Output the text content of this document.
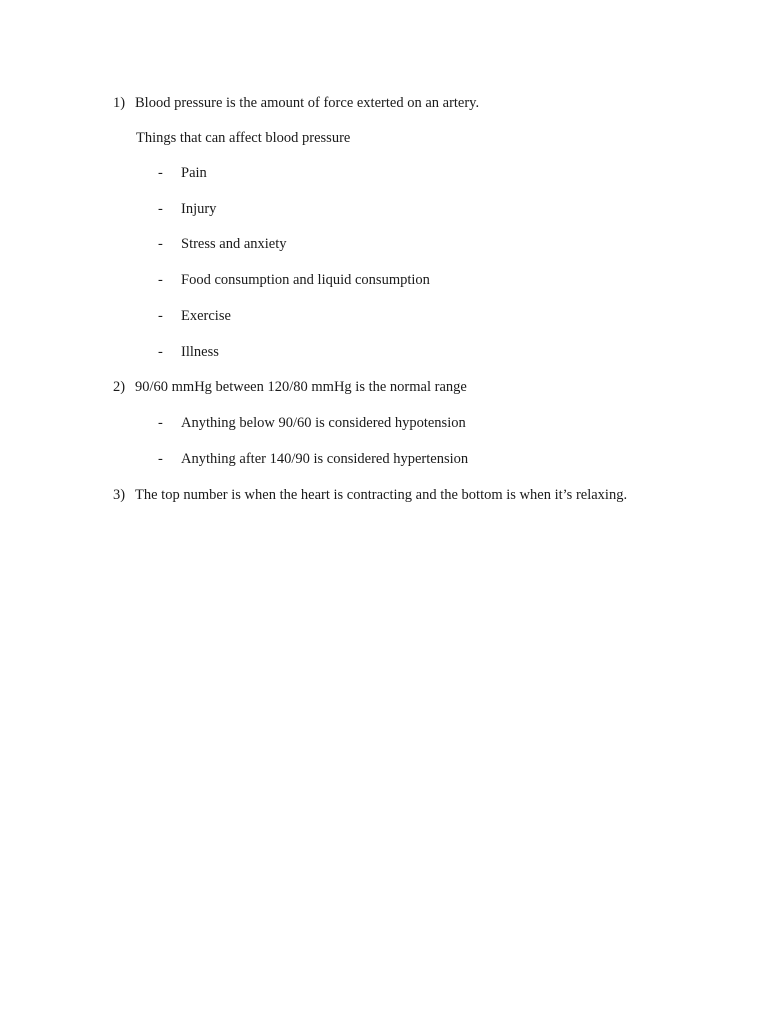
1) Blood pressure is the amount of force exterted on an artery.
Things that can affect blood pressure
- Pain
- Injury
- Stress and anxiety
- Food consumption and liquid consumption
- Exercise
- Illness
2) 90/60 mmHg between 120/80 mmHg is the normal range
- Anything below 90/60 is considered hypotension
- Anything after 140/90 is considered hypertension
3) The top number is when the heart is contracting and the bottom is when it’s relaxing.
